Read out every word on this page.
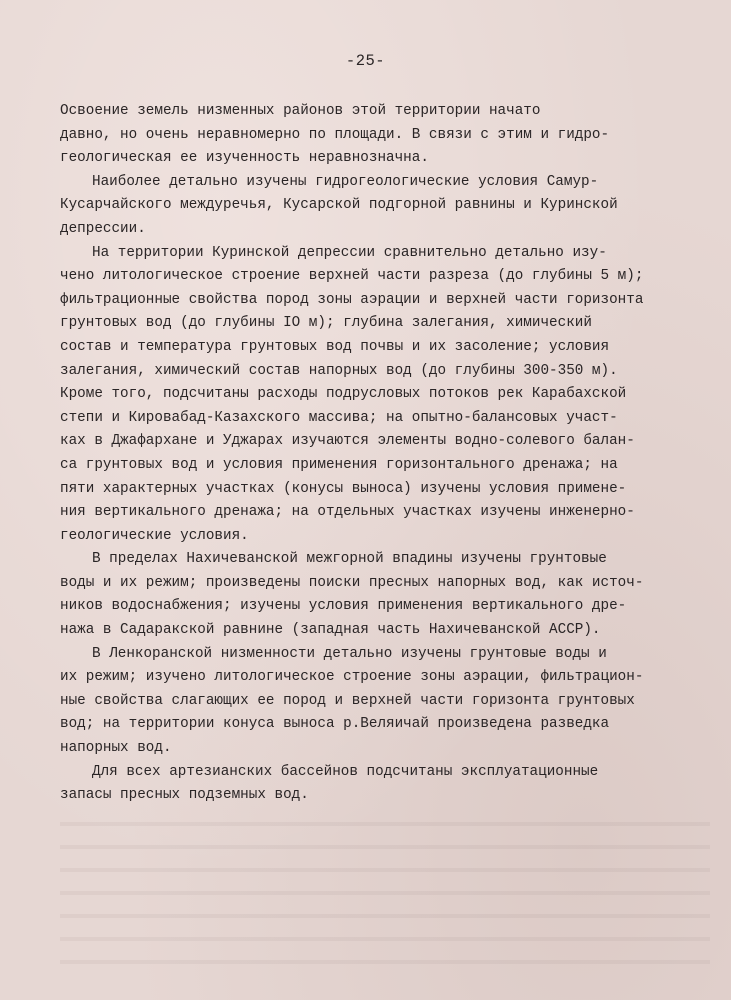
-25-
Освоение земель низменных районов этой территории начато
давно, но очень неравномерно по площади. В связи с этим и гидро-
геологическая ее изученность неравнозначна.
Наиболее детально изучены гидрогеологические условия Самур-
Кусарчайского междуречья, Кусарской подгорной равнины и Куринской
депрессии.
На территории Куринской депрессии сравнительно детально изу-
чено литологическое строение верхней части разреза (до глубины 5 м);
фильтрационные свойства пород зоны аэрации и верхней части горизонта
грунтовых вод (до глубины IO м); глубина залегания, химический
состав и температура грунтовых вод почвы и их засоление; условия
залегания, химический состав напорных вод (до глубины 300-350 м).
Кроме того, подсчитаны расходы подрусловых потоков рек Карабахской
степи и Кировабад-Казахского массива; на опытно-балансовых участ-
ках в Джафархане и Уджарах изучаются элементы водно-солевого балан-
са грунтовых вод и условия применения горизонтального дренажа; на
пяти характерных участках (конусы выноса) изучены условия примене-
ния вертикального дренажа; на отдельных участках изучены инженерно-
геологические условия.
В пределах Нахичеванской межгорной впадины изучены грунтовые
воды и их режим; произведены поиски пресных напорных вод, как источ-
ников водоснабжения; изучены условия применения вертикального дре-
нажа в Садаракской равнине (западная часть Нахичеванской АССР).
В Ленкоранской низменности детально изучены грунтовые воды и
их режим; изучено литологическое строение зоны аэрации, фильтрацион-
ные свойства слагающих ее пород и верхней части горизонта грунтовых
вод; на территории конуса выноса р.Веляичай произведена разведка
напорных вод.
Для всех артезианских бассейнов подсчитаны эксплуатационные
запасы пресных подземных вод.
